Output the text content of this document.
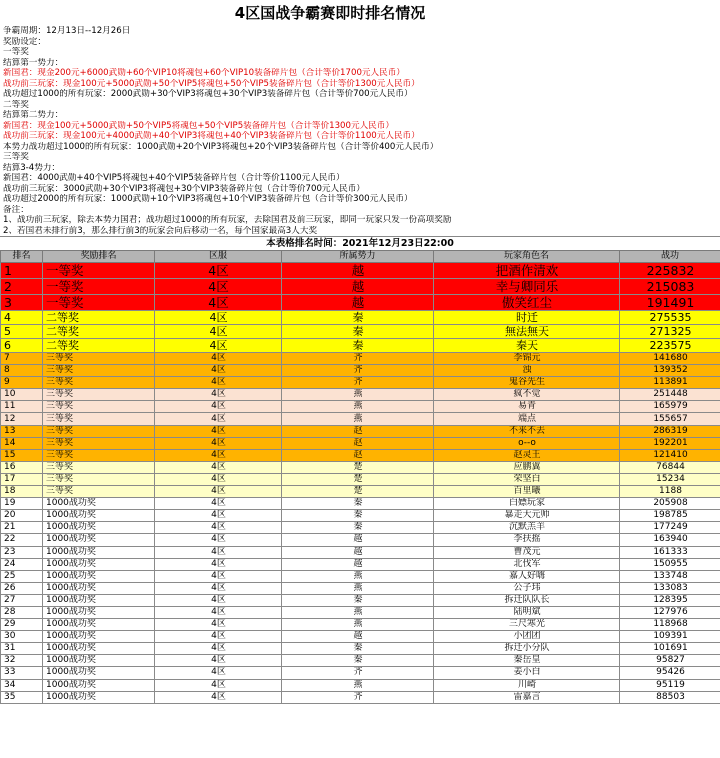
4区国战争霸赛即时排名情况
争霸周期：12月13日--12月26日
奖励设定：
一等奖
结算第一势力：
新国君：现金200元+6000武勋+60个VIP10将魂包+60个VIP10装备碎片包（合计等价1700元人民币）
战功前三玩家：现金100元+5000武勋+50个VIP5将魂包+50个VIP5装备碎片包（合计等价1300元人民币）
战功超过1000的所有玩家：2000武勋+30个VIP3将魂包+30个VIP3装备碎片包（合计等价700元人民币）
二等奖
结算第二势力：
新国君：现金100元+5000武勋+50个VIP5将魂包+50个VIP5装备碎片包（合计等价1300元人民币）
战功前三玩家：现金100元+4000武勋+40个VIP3将魂包+40个VIP3装备碎片包（合计等价1100元人民币）
本势力战功超过1000的所有玩家：1000武勋+20个VIP3将魂包+20个VIP3装备碎片包（合计等价400元人民币）
三等奖
结算3-4势力：
新国君：4000武勋+40个VIP5将魂包+40个VIP5装备碎片包（合计等价1100元人民币）
战功前三玩家：3000武勋+30个VIP3将魂包+30个VIP3装备碎片包（合计等价700元人民币）
战功超过2000的所有玩家：1000武勋+10个VIP3将魂包+10个VIP3装备碎片包（合计等价300元人民币）
备注：
1、战功前三玩家，除去本势力国君；战功超过1000的所有玩家，去除国君及前三玩家，即同一玩家只发一份高项奖励
2、若国君未排行前3，那么排行前3的玩家会向后移动一名，每个国家最高3人大奖
本表格排名时间：2021年12月23日22:00
排名	奖励排名	区服	所属势力	玩家角色名	战功
1	一等奖	4区	越	把酒作清欢	225832
2	一等奖	4区	越	幸与卿同乐	215083
3	一等奖	4区	越	傲笑红尘	191491
4	二等奖	4区	秦	时迁	275535
5	二等奖	4区	秦	無法無天	271325
6	二等奖	4区	秦	秦天	223575
7	三等奖	4区	齐	李锦元	141680
8	三等奖	4区	齐	浊	139352
9	三等奖	4区	齐	鬼谷先生	113891
10	三等奖	4区	燕	疯不觉	251448
11	三等奖	4区	燕	易青	165979
12	三等奖	4区	燕	端点	155657
13	三等奖	4区	赵	不来不去	286319
14	三等奖	4区	赵	o--o	192201
15	三等奖	4区	赵	赵灵王	121410
16	三等奖	4区	楚	应鹏翼	76844
17	三等奖	4区	楚	荣坚白	15234
18	三等奖	4区	楚	百里曦	1188
19	1000战功奖	4区	秦	白嫖玩家	205908
20	1000战功奖	4区	秦	暴走大元帅	198785
21	1000战功奖	4区	秦	沉默羔羊	177249
22	1000战功奖	4区	越	李扶摇	163940
23	1000战功奖	4区	越	曹茂元	161333
24	1000战功奖	4区	越	北伐军	150955
25	1000战功奖	4区	燕	嘉人好嗨	133748
26	1000战功奖	4区	燕	公子玮	133083
27	1000战功奖	4区	秦	拆迁队队长	128395
28	1000战功奖	4区	燕	陆明斌	127976
29	1000战功奖	4区	燕	三尺寒光	118968
30	1000战功奖	4区	越	小团团	109391
31	1000战功奖	4区	秦	拆迁小分队	101691
32	1000战功奖	4区	秦	秦岳皇	95827
33	1000战功奖	4区	齐	姜小白	95426
34	1000战功奖	4区	燕	川崎	95119
35	1000战功奖	4区	齐	雷嘉言	88503
